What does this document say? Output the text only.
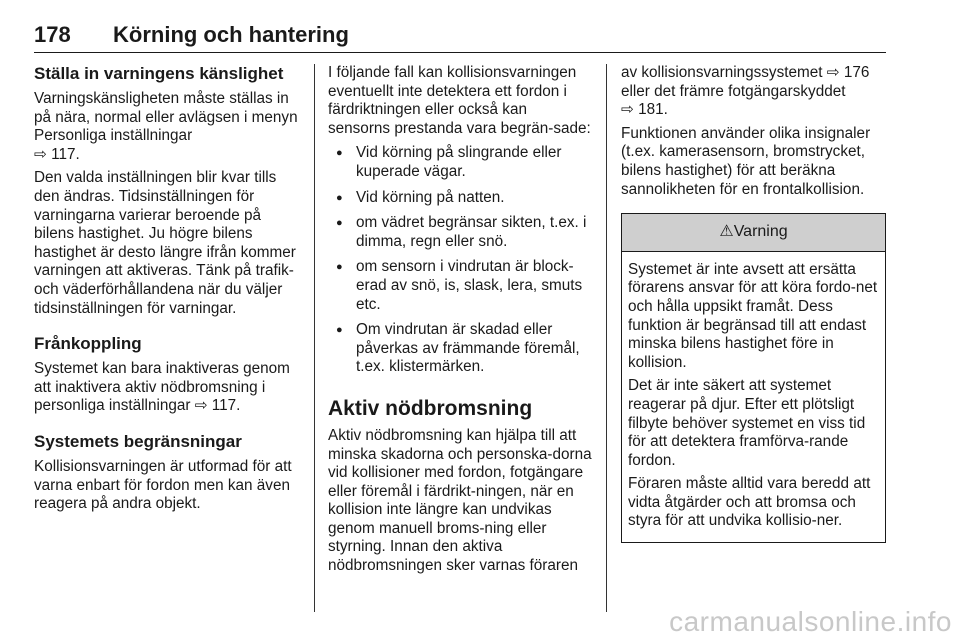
178 Körning och hantering
Ställa in varningens känslighet

Varningskänsligheten måste ställas in på nära, normal eller avlägsen i menyn Personliga inställningar
⇨ 117.

Den valda inställningen blir kvar tills den ändras. Tidsinställningen för varningarna varierar beroende på bilens hastighet. Ju högre bilens hastighet är desto längre ifrån kommer varningen att aktiveras. Tänk på trafik- och väderförhållandena när du väljer tidsinställningen för varningar.

Frånkoppling

Systemet kan bara inaktiveras genom att inaktivera aktiv nödbromsning i personliga inställningar ⇨ 117.

Systemets begränsningar

Kollisionsvarningen är utformad för att varna enbart för fordon men kan även reagera på andra objekt.

I följande fall kan kollisionsvarningen eventuellt inte detektera ett fordon i färdriktningen eller också kan sensorns prestanda vara begrän-sade:

● Vid körning på slingrande eller kuperade vägar.
● Vid körning på natten.
● om vädret begränsar sikten, t.ex. i dimma, regn eller snö.
● om sensorn i vindrutan är block-erad av snö, is, slask, lera, smuts etc.
● Om vindrutan är skadad eller påverkas av främmande föremål, t.ex. klistermärken.
Aktiv nödbromsning

Aktiv nödbromsning kan hjälpa till att minska skadorna och personska-dorna vid kollisioner med fordon, fotgängare eller föremål i färdrikt-ningen, när en kollision inte längre kan undvikas genom manuell broms-ning eller styrning. Innan den aktiva nödbromsningen sker varnas föraren

av kollisionsvarningssystemet ⇨ 176 eller det främre fotgängarskyddet
⇨ 181.

Funktionen använder olika insignaler (t.ex. kamerasensorn, bromstrycket, bilens hastighet) för att beräkna sannolikheten för en frontalkollision.

⚠Varning

Systemet är inte avsett att ersätta förarens ansvar för att köra fordo-net och hålla uppsikt framåt. Dess funktion är begränsad till att endast minska bilens hastighet före in kollision.

Det är inte säkert att systemet reagerar på djur. Efter ett plötsligt filbyte behöver systemet en viss tid för att detektera framförva-rande fordon.

Föraren måste alltid vara beredd att vidta åtgärder och att bromsa och styra för att undvika kollisio-ner.

carmanualsonline.info
